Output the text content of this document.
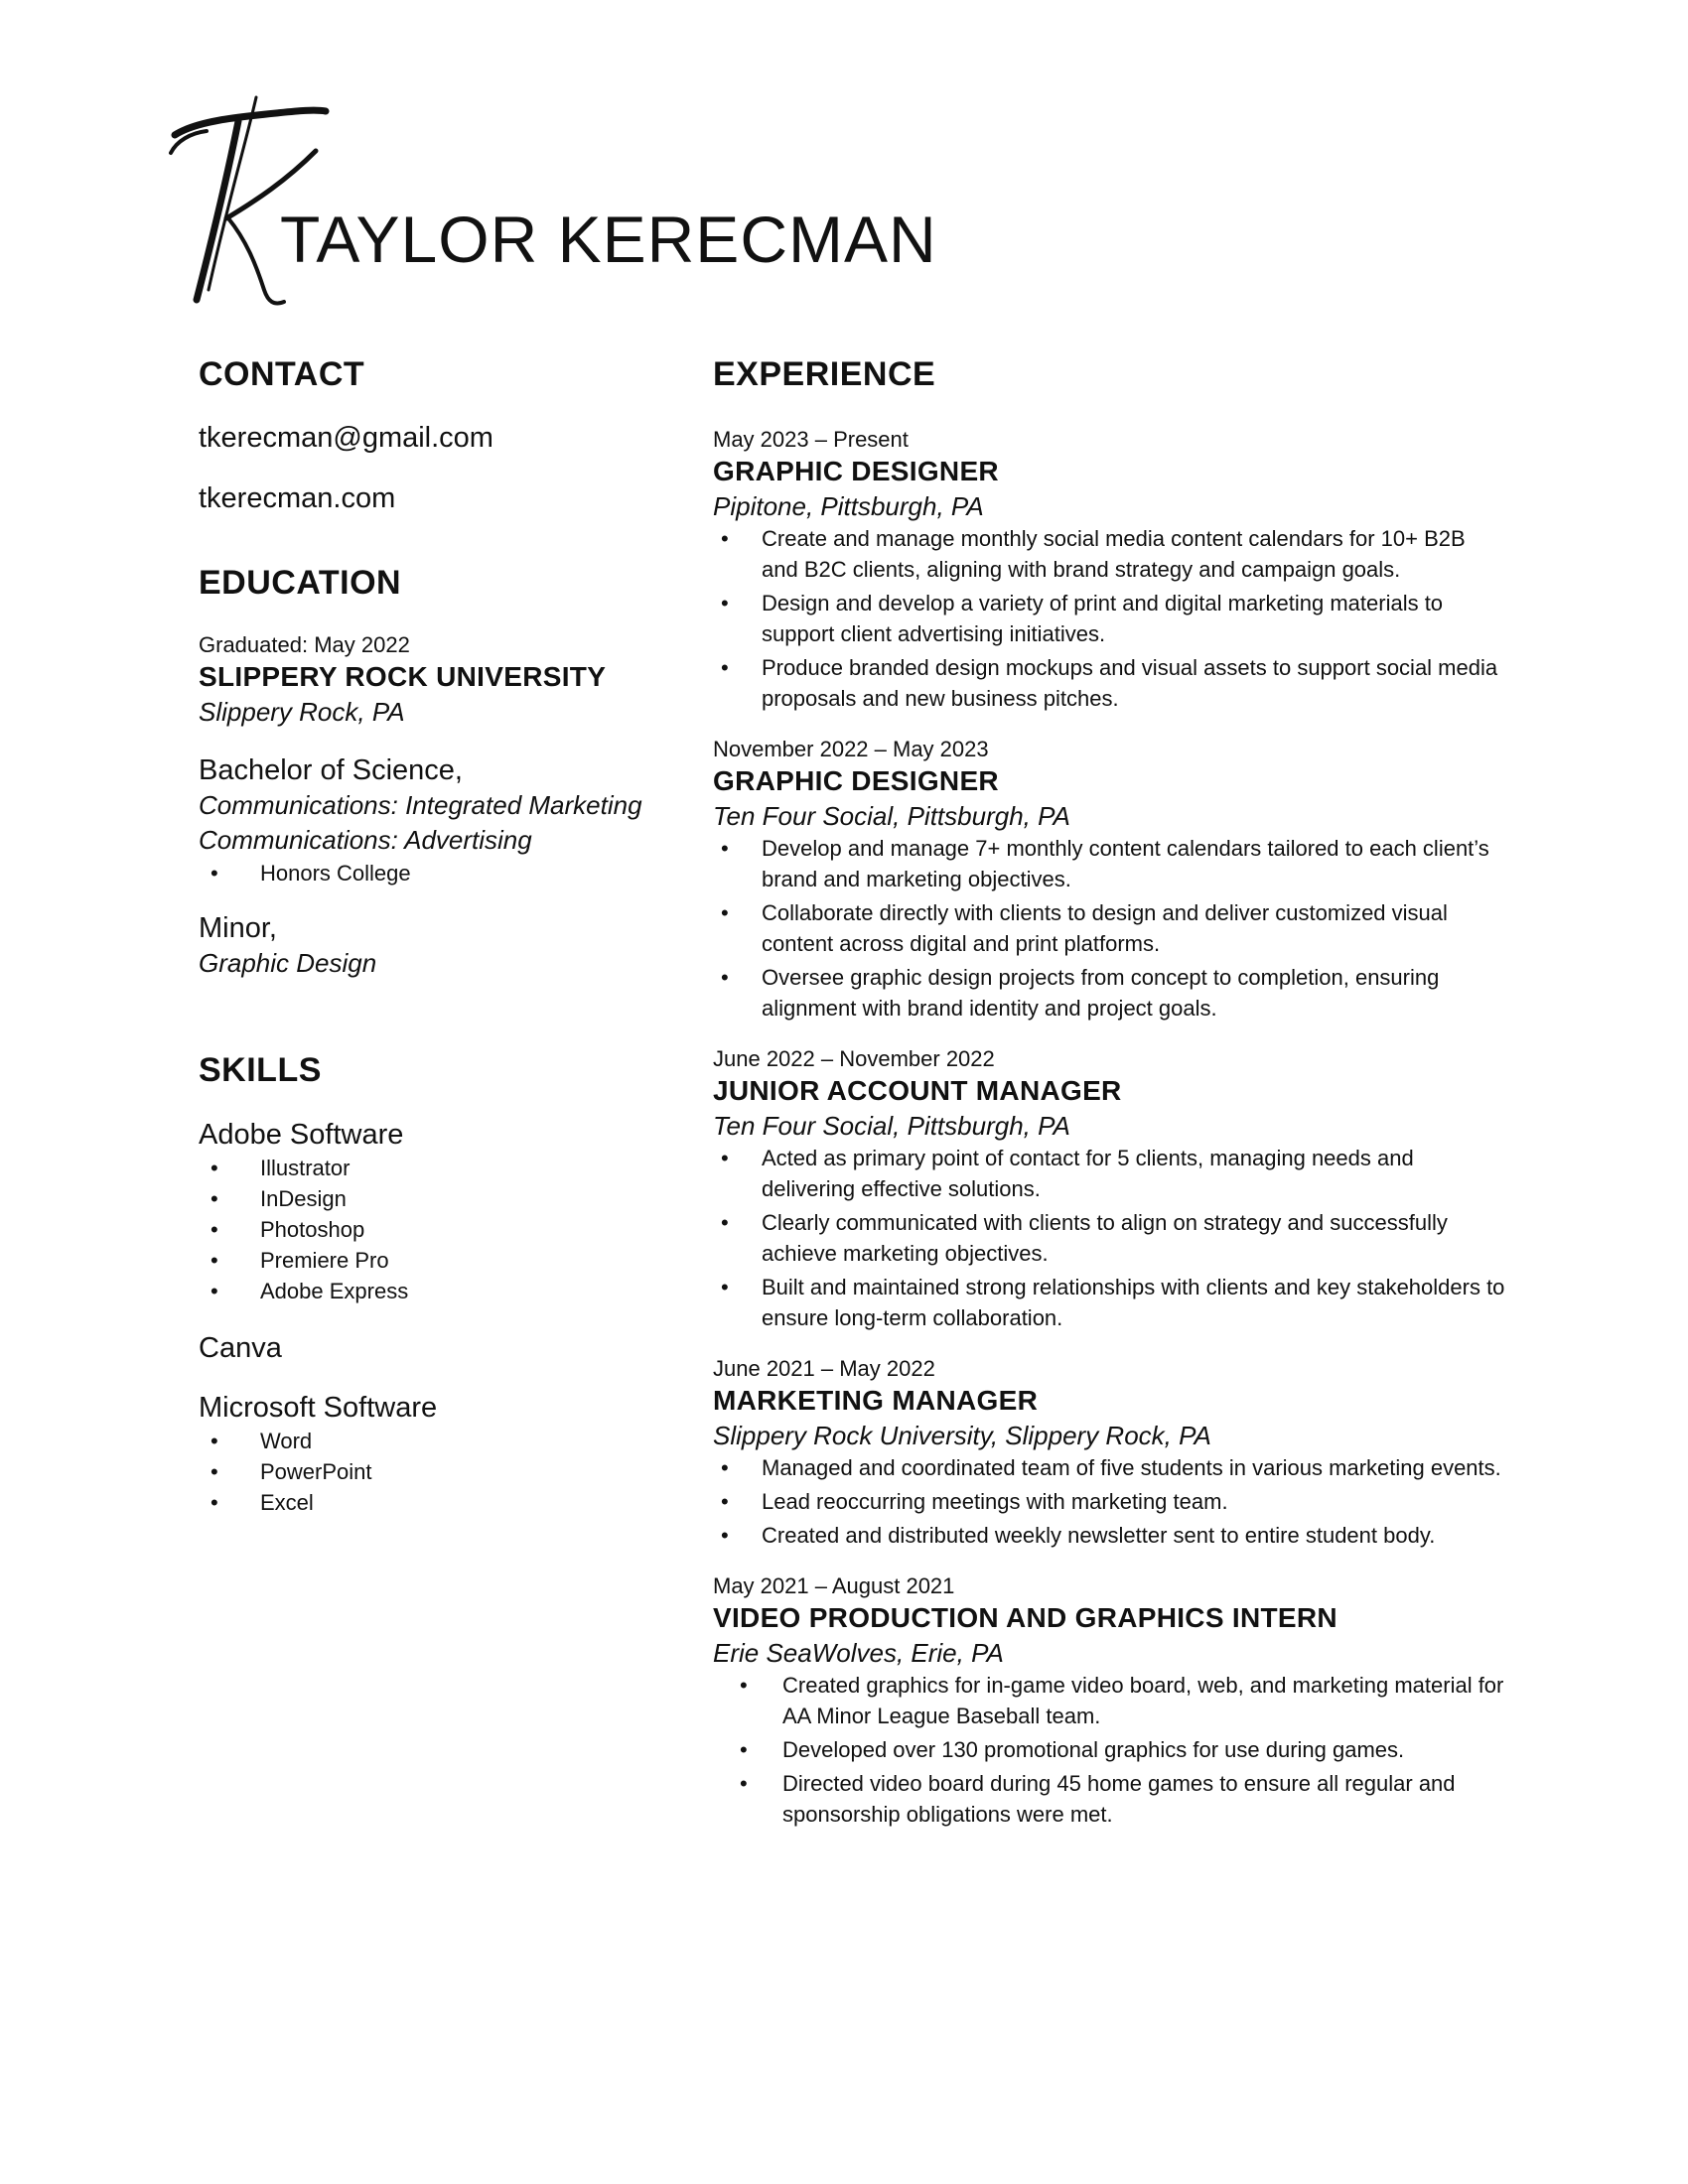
TAYLOR KERECMAN
CONTACT
tkerecman@gmail.com
tkerecman.com
EDUCATION
Graduated: May 2022
SLIPPERY ROCK UNIVERSITY
Slippery Rock, PA
Bachelor of Science,
Communications: Integrated Marketing
Communications: Advertising
• Honors College
Minor,
Graphic Design
SKILLS
Adobe Software
• Illustrator
• InDesign
• Photoshop
• Premiere Pro
• Adobe Express
Canva
Microsoft Software
• Word
• PowerPoint
• Excel
EXPERIENCE
May 2023 – Present
GRAPHIC DESIGNER
Pipitone, Pittsburgh, PA
• Create and manage monthly social media content calendars for 10+ B2B and B2C clients, aligning with brand strategy and campaign goals.
• Design and develop a variety of print and digital marketing materials to support client advertising initiatives.
• Produce branded design mockups and visual assets to support social media proposals and new business pitches.
November 2022 – May 2023
GRAPHIC DESIGNER
Ten Four Social, Pittsburgh, PA
• Develop and manage 7+ monthly content calendars tailored to each client’s brand and marketing objectives.
• Collaborate directly with clients to design and deliver customized visual content across digital and print platforms.
• Oversee graphic design projects from concept to completion, ensuring alignment with brand identity and project goals.
June 2022 – November 2022
JUNIOR ACCOUNT MANAGER
Ten Four Social, Pittsburgh, PA
• Acted as primary point of contact for 5 clients, managing needs and delivering effective solutions.
• Clearly communicated with clients to align on strategy and successfully achieve marketing objectives.
• Built and maintained strong relationships with clients and key stakeholders to ensure long-term collaboration.
June 2021 – May 2022
MARKETING MANAGER
Slippery Rock University, Slippery Rock, PA
• Managed and coordinated team of five students in various marketing events.
• Lead reoccurring meetings with marketing team.
• Created and distributed weekly newsletter sent to entire student body.
May 2021 – August 2021
VIDEO PRODUCTION AND GRAPHICS INTERN
Erie SeaWolves, Erie, PA
• Created graphics for in-game video board, web, and marketing material for AA Minor League Baseball team.
• Developed over 130 promotional graphics for use during games.
• Directed video board during 45 home games to ensure all regular and sponsorship obligations were met.
